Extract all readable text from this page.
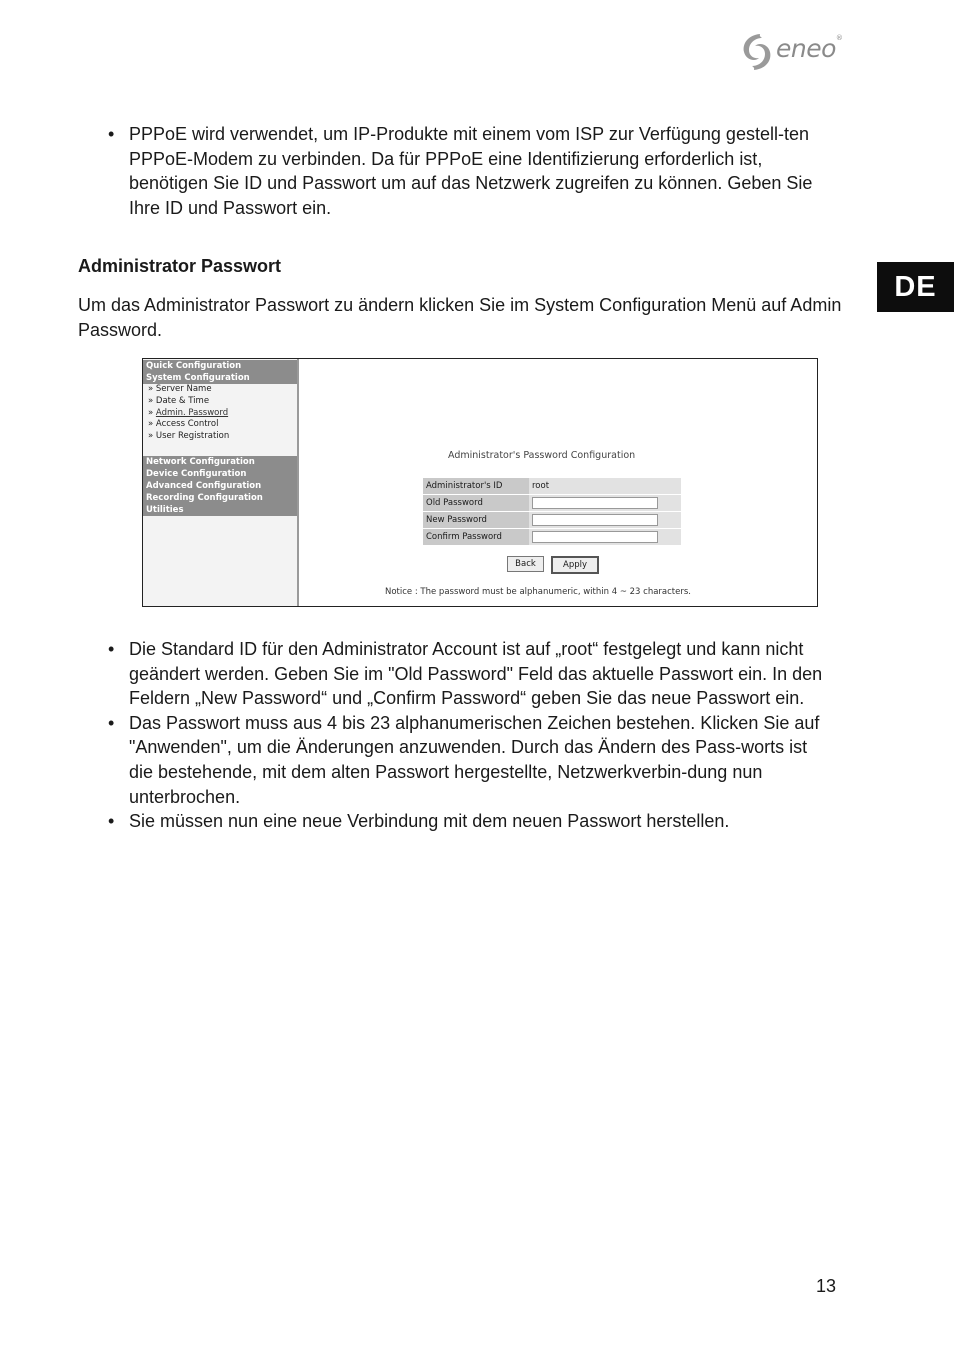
eneo®
DE
• PPPoE wird verwendet, um IP-Produkte mit einem vom ISP zur Verfügung gestell-ten PPPoE-Modem zu verbinden. Da für PPPoE eine Identifizierung erforderlich ist, benötigen Sie ID und Passwort um auf das Netzwerk zugreifen zu können. Geben Sie Ihre ID und Passwort ein.
Administrator Passwort

Um das Administrator Passwort zu ändern klicken Sie im System Configuration Menü auf Admin Password.

Quick Configuration
System Configuration
» Server Name
» Date & Time
» Admin. Password
» Access Control
» User Registration
Network Configuration
Device Configuration
Advanced Configuration
Recording Configuration
Utilities
Administrator's Password Configuration
Administrator's ID	root
Old Password	

New Password	

Confirm Password	
Back	Apply
Notice : The password must be alphanumeric, within 4 ~ 23 characters.
• Die Standard ID für den Administrator Account ist auf „root“ festgelegt und kann nicht geändert werden. Geben Sie im "Old Password" Feld das aktuelle Passwort ein. In den Feldern „New Password“ und „Confirm Password“ geben Sie das neue Passwort ein.
• Das Passwort muss aus 4 bis 23 alphanumerischen Zeichen bestehen. Klicken Sie auf "Anwenden", um die Änderungen anzuwenden. Durch das Ändern des Pass-worts ist die bestehende, mit dem alten Passwort hergestellte, Netzwerkverbin-dung nun unterbrochen.
• Sie müssen nun eine neue Verbindung mit dem neuen Passwort herstellen.
13
